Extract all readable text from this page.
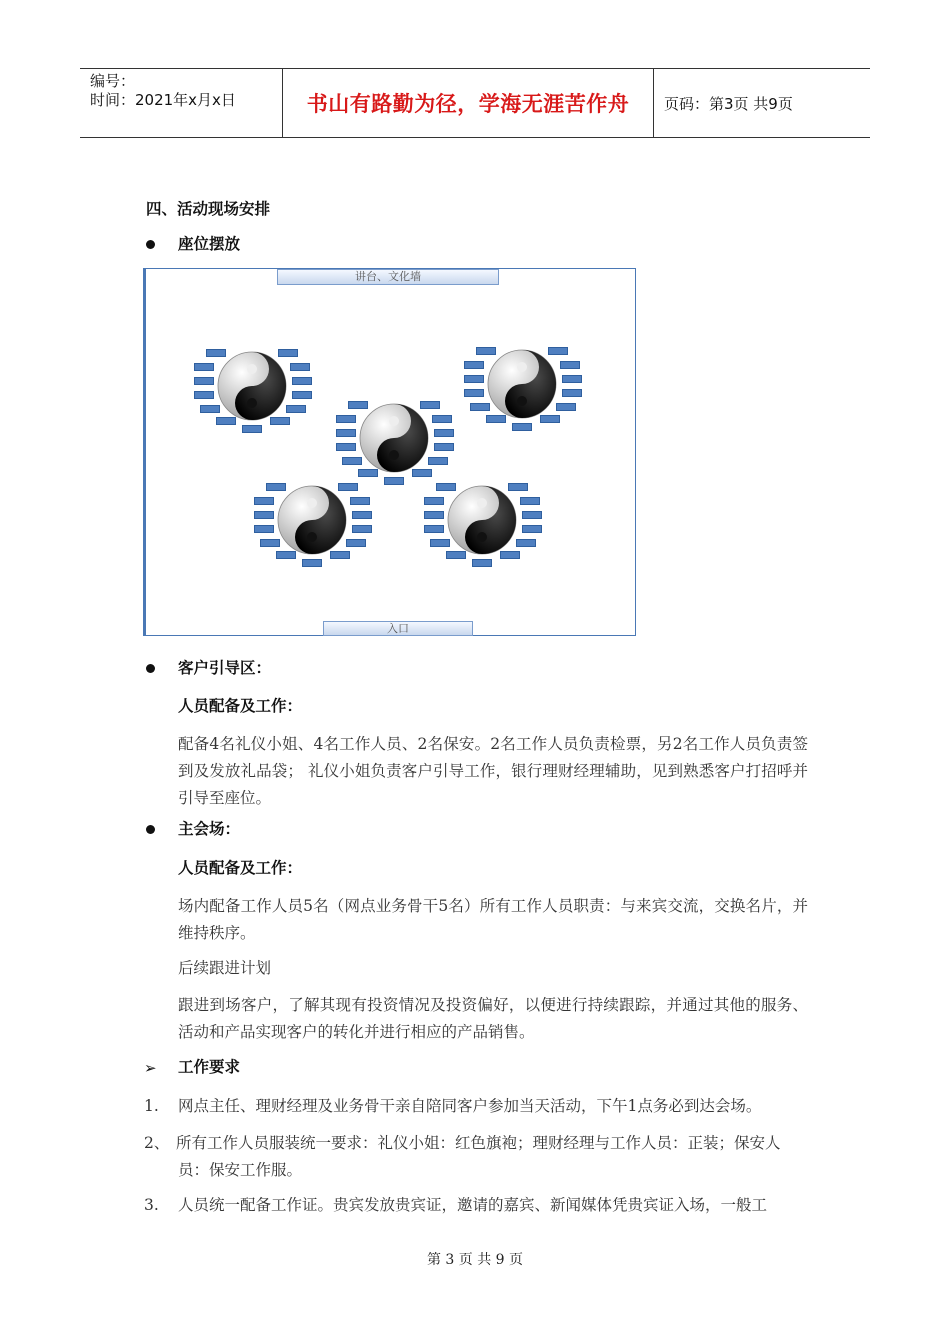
编号：
时间：2021年x月x日	书山有路勤为径，学海无涯苦作舟	页码：第3页 共9页
四、活动现场安排
座位摆放
讲台、文化墙
入口
客户引导区：
人员配备及工作：
配备4名礼仪小姐、4名工作人员、2名保安。2名工作人员负责检票，另2名工作人员负责签到及发放礼品袋； 礼仪小姐负责客户引导工作，银行理财经理辅助，见到熟悉客户打招呼并引导至座位。
主会场：
人员配备及工作：
场内配备工作人员5名（网点业务骨干5名）所有工作人员职责：与来宾交流，交换名片，并维持秩序。
后续跟进计划
跟进到场客户，了解其现有投资情况及投资偏好，以便进行持续跟踪，并通过其他的服务、活动和产品实现客户的转化并进行相应的产品销售。
➢ 工作要求
1. 网点主任、理财经理及业务骨干亲自陪同客户参加当天活动，下午1点务必到达会场。
2、 所有工作人员服装统一要求：礼仪小姐：红色旗袍；理财经理与工作人员：正装；保安人员：保安工作服。
3. 人员统一配备工作证。贵宾发放贵宾证，邀请的嘉宾、新闻媒体凭贵宾证入场，一般工
第 3 页 共 9 页
